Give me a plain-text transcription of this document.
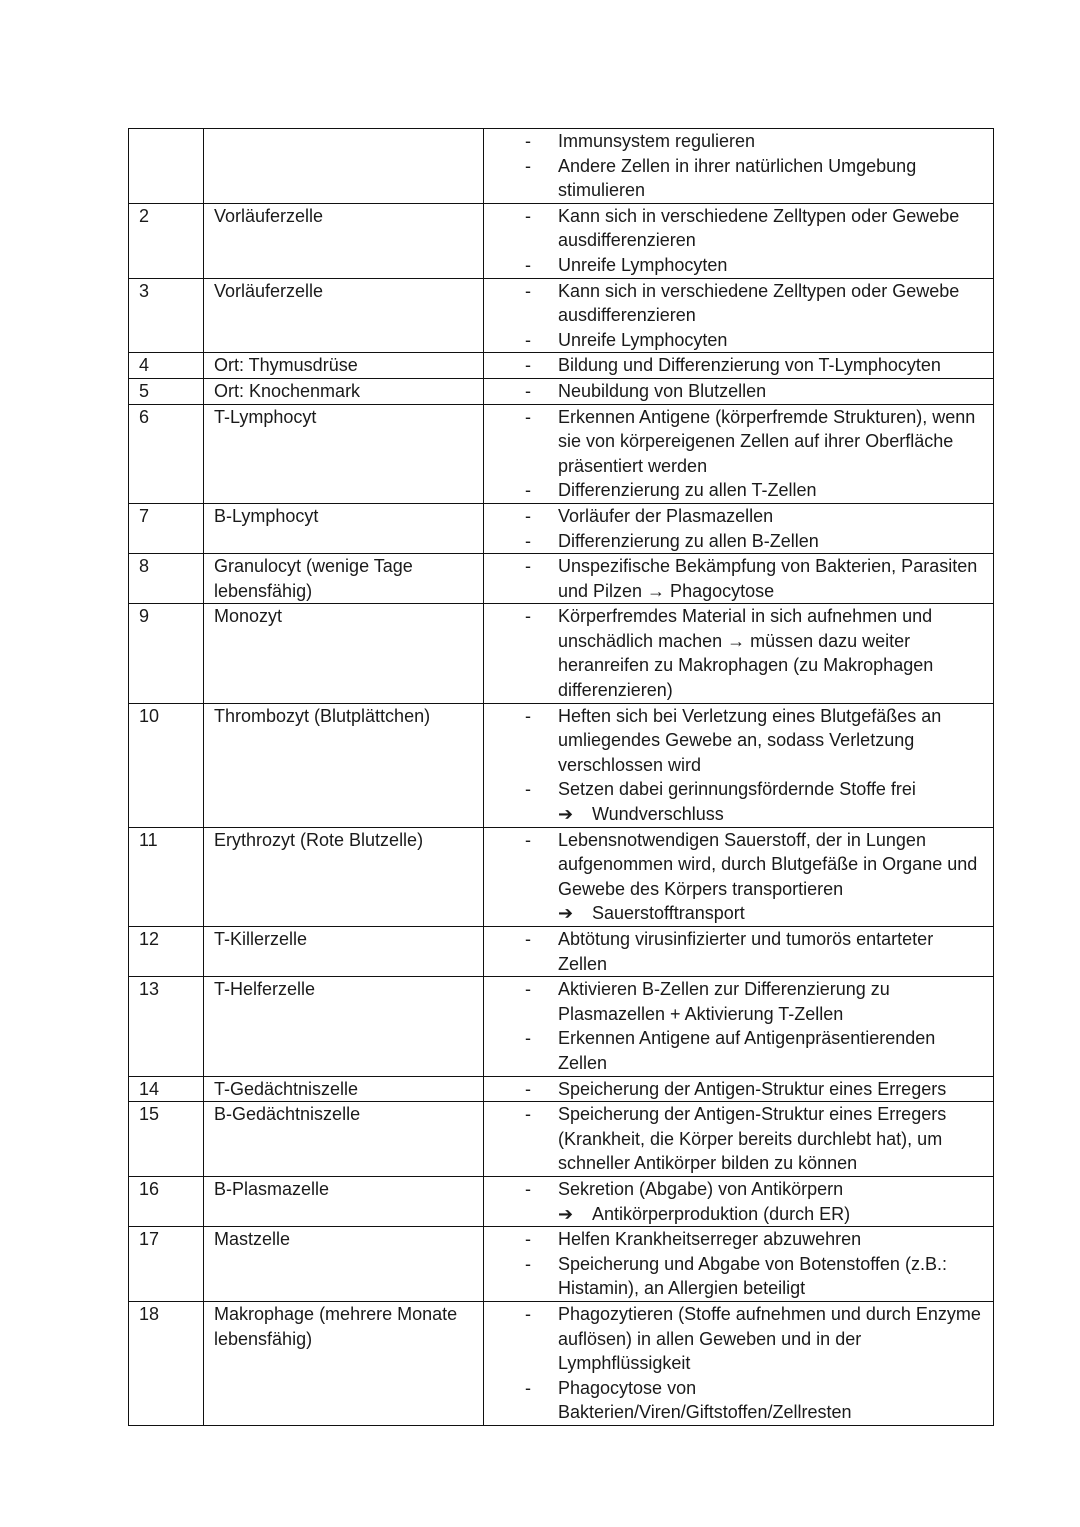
		- Immunsystem regulieren
- Andere Zellen in ihrer natürlichen Umgebung stimulieren

2	Vorläuferzelle	- Kann sich in verschiedene Zelltypen oder Gewebe ausdifferenzieren
- Unreife Lymphocyten

3	Vorläuferzelle	- Kann sich in verschiedene Zelltypen oder Gewebe ausdifferenzieren
- Unreife Lymphocyten

4	Ort: Thymusdrüse	- Bildung und Differenzierung von T-Lymphocyten

5	Ort: Knochenmark	- Neubildung von Blutzellen

6	T-Lymphocyt	- Erkennen Antigene (körperfremde Strukturen), wenn sie von körpereigenen Zellen auf ihrer Oberfläche präsentiert werden
- Differenzierung zu allen T-Zellen

7	B-Lymphocyt	- Vorläufer der Plasmazellen
- Differenzierung zu allen B-Zellen

8	Granulocyt (wenige Tage lebensfähig)	- Unspezifische Bekämpfung von Bakterien, Parasiten und Pilzen → Phagocytose

9	Monozyt	- Körperfremdes Material in sich aufnehmen und unschädlich machen → müssen dazu weiter heranreifen zu Makrophagen (zu Makrophagen differenzieren)

10	Thrombozyt (Blutplättchen)	- Heften sich bei Verletzung eines Blutgefäßes an umliegendes Gewebe an, sodass Verletzung verschlossen wird
- Setzen dabei gerinnungsfördernde Stoffe frei
➔ Wundverschluss

11	Erythrozyt (Rote Blutzelle)	- Lebensnotwendigen Sauerstoff, der in Lungen aufgenommen wird, durch Blutgefäße in Organe und Gewebe des Körpers transportieren
➔ Sauerstofftransport

12	T-Killerzelle	- Abtötung virusinfizierter und tumorös entarteter Zellen

13	T-Helferzelle	- Aktivieren B-Zellen zur Differenzierung zu Plasmazellen + Aktivierung T-Zellen
- Erkennen Antigene auf Antigenpräsentierenden Zellen

14	T-Gedächtniszelle	- Speicherung der Antigen-Struktur eines Erregers

15	B-Gedächtniszelle	- Speicherung der Antigen-Struktur eines Erregers (Krankheit, die Körper bereits durchlebt hat), um schneller Antikörper bilden zu können

16	B-Plasmazelle	- Sekretion (Abgabe) von Antikörpern
➔ Antikörperproduktion (durch ER)

17	Mastzelle	- Helfen Krankheitserreger abzuwehren
- Speicherung und Abgabe von Botenstoffen (z.B.: Histamin), an Allergien beteiligt

18	Makrophage (mehrere Monate lebensfähig)	- Phagozytieren (Stoffe aufnehmen und durch Enzyme auflösen) in allen Geweben und in der Lymphflüssigkeit
- Phagocytose von Bakterien/Viren/Giftstoffen/Zellresten
